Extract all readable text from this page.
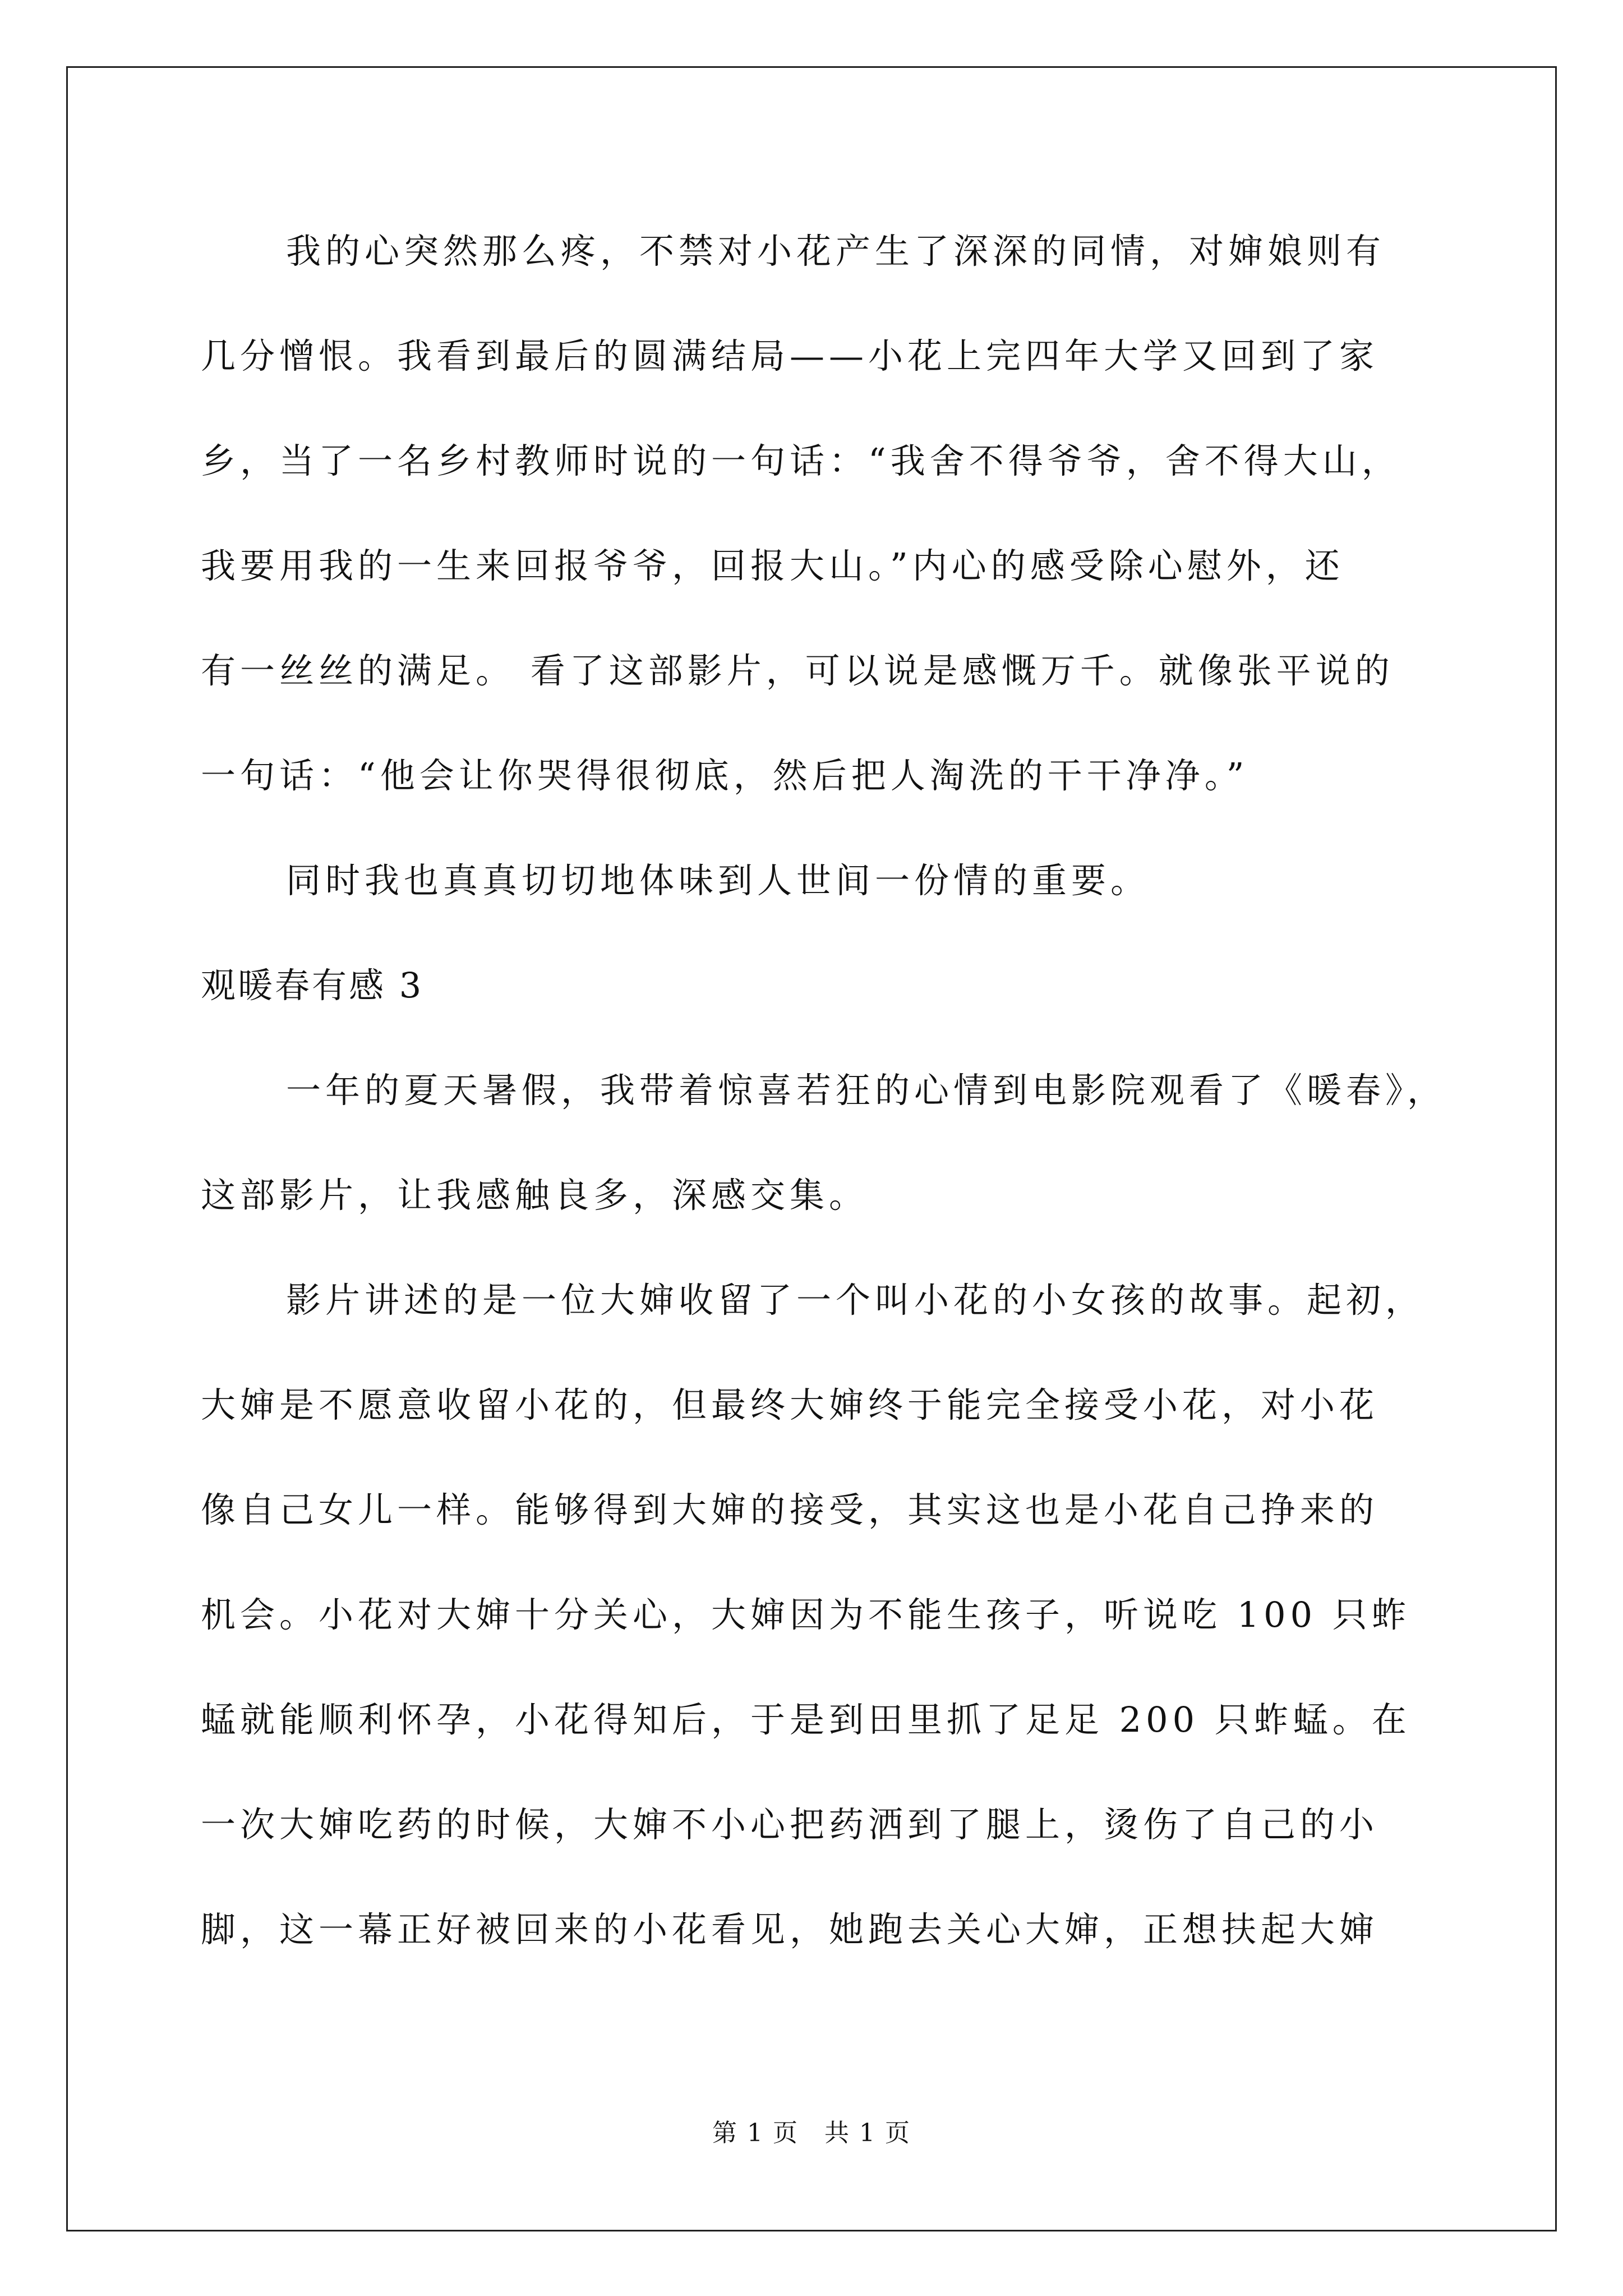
我的心突然那么疼，不禁对小花产生了深深的同情，对婶娘则有
几分憎恨。我看到最后的圆满结局——小花上完四年大学又回到了家
乡，当了一名乡村教师时说的一句话：“我舍不得爷爷，舍不得大山，
我要用我的一生来回报爷爷，回报大山。”内心的感受除心慰外，还
有一丝丝的满足。 看了这部影片，可以说是感慨万千。就像张平说的
一句话：“他会让你哭得很彻底，然后把人淘洗的干干净净。”
同时我也真真切切地体味到人世间一份情的重要。
观暖春有感 3
一年的夏天暑假，我带着惊喜若狂的心情到电影院观看了《暖春》，
这部影片，让我感触良多，深感交集。
影片讲述的是一位大婶收留了一个叫小花的小女孩的故事。起初，
大婶是不愿意收留小花的，但最终大婶终于能完全接受小花，对小花
像自己女儿一样。能够得到大婶的接受，其实这也是小花自己挣来的
机会。小花对大婶十分关心，大婶因为不能生孩子，听说吃 100 只蚱
蜢就能顺利怀孕，小花得知后，于是到田里抓了足足 200 只蚱蜢。在
一次大婶吃药的时候，大婶不小心把药洒到了腿上，烫伤了自己的小
脚，这一幕正好被回来的小花看见，她跑去关心大婶，正想扶起大婶
第 1 页　共 1 页
